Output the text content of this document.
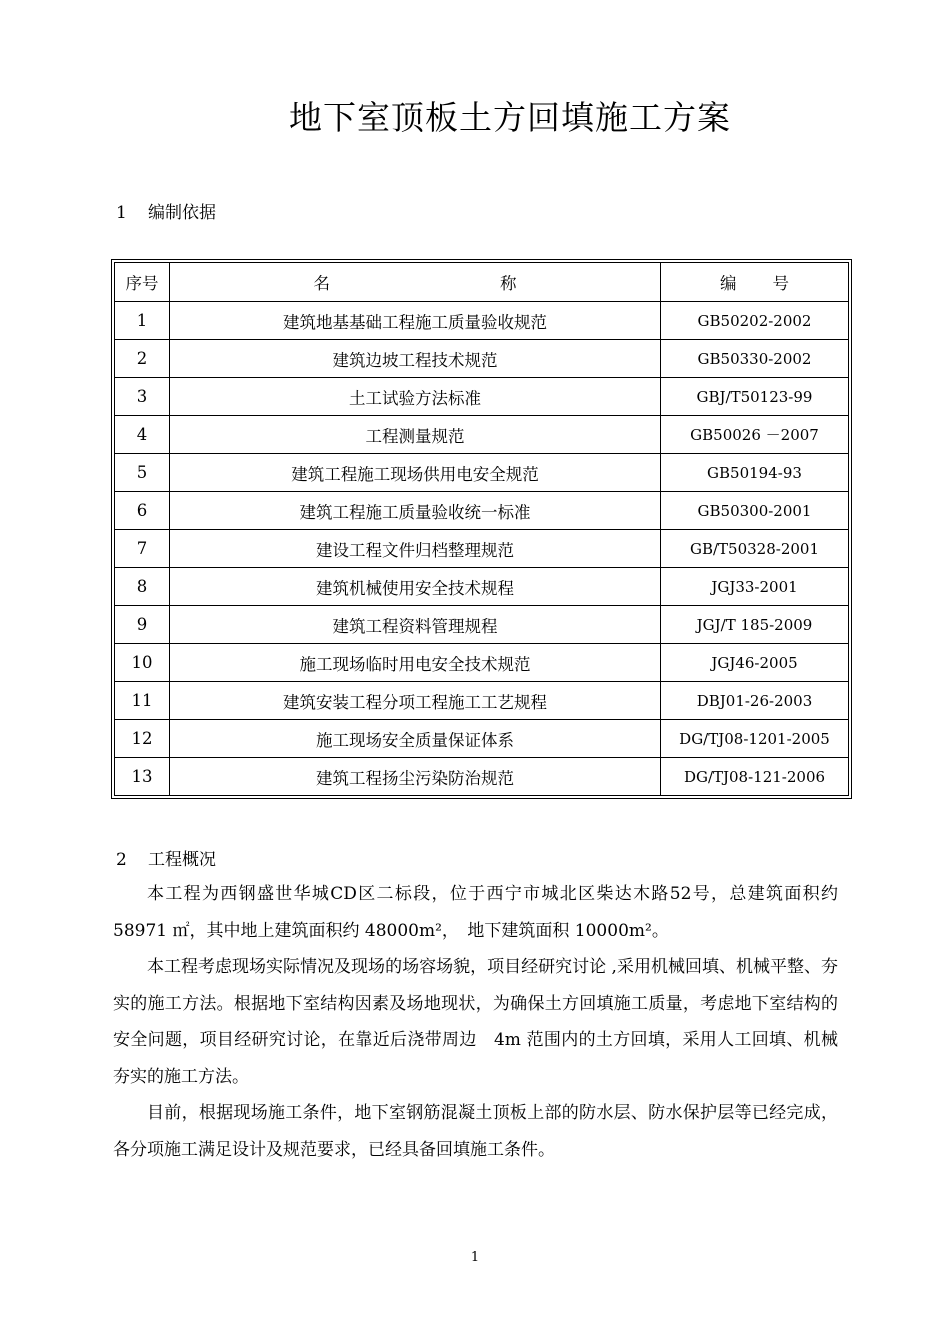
地下室顶板土方回填施工方案
1 编制依据
序号	名 称	编 号
1	建筑地基基础工程施工质量验收规范	GB50202-2002
2	建筑边坡工程技术规范	GB50330-2002
3	土工试验方法标准	GBJ/T50123-99
4	工程测量规范	GB50026 －2007
5	建筑工程施工现场供用电安全规范	GB50194-93
6	建筑工程施工质量验收统一标准	GB50300-2001
7	建设工程文件归档整理规范	GB/T50328-2001
8	建筑机械使用安全技术规程	JGJ33-2001
9	建筑工程资料管理规程	JGJ/T 185-2009
10	施工现场临时用电安全技术规范	JGJ46-2005
11	建筑安装工程分项工程施工工艺规程	DBJ01-26-2003
12	施工现场安全质量保证体系	DG/TJ08-1201-2005
13	建筑工程扬尘污染防治规范	DG/TJ08-121-2006
2 工程概况

本工程为西钢盛世华城CD区二标段，位于西宁市城北区柴达木路52号，总建筑面积约 58971 ㎡，其中地上建筑面积约 48000m²，　地下建筑面积 10000m²。

本工程考虑现场实际情况及现场的场容场貌，项目经研究讨论 ,采用机械回填、机械平整、夯实的施工方法。根据地下室结构因素及场地现状，为确保土方回填施工质量，考虑地下室结构的安全问题，项目经研究讨论，在靠近后浇带周边　4m 范围内的土方回填，采用人工回填、机械夯实的施工方法。

目前，根据现场施工条件，地下室钢筋混凝土顶板上部的防水层、防水保护层等已经完成，各分项施工满足设计及规范要求，已经具备回填施工条件。

1
